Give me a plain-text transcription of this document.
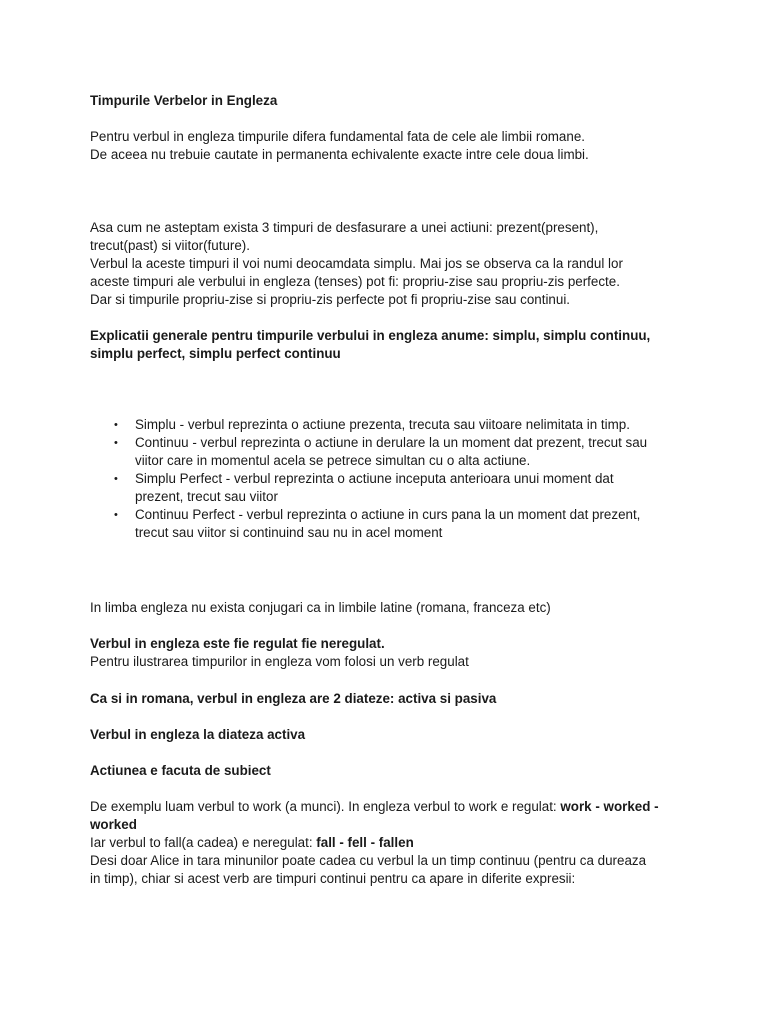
Timpurile Verbelor in Engleza
Pentru verbul in engleza timpurile difera fundamental fata de cele ale limbii romane.
De aceea nu trebuie cautate in permanenta echivalente exacte intre cele doua limbi.
Asa cum ne asteptam exista 3 timpuri de desfasurare a unei actiuni: prezent(present),
trecut(past) si viitor(future).
Verbul la aceste timpuri il voi numi deocamdata simplu. Mai jos se observa ca la randul lor
aceste timpuri ale verbului in engleza (tenses) pot fi: propriu-zise sau propriu-zis perfecte.
Dar si timpurile propriu-zise si propriu-zis perfecte pot fi propriu-zise sau continui.
Explicatii generale pentru timpurile verbului in engleza anume: simplu, simplu continuu,
simplu perfect, simplu perfect continuu
• Simplu - verbul reprezinta o actiune prezenta, trecuta sau viitoare nelimitata in timp.
• Continuu - verbul reprezinta o actiune in derulare la un moment dat prezent, trecut sau
viitor care in momentul acela se petrece simultan cu o alta actiune.
• Simplu Perfect - verbul reprezinta o actiune inceputa anterioara unui moment dat
prezent, trecut sau viitor
• Continuu Perfect - verbul reprezinta o actiune in curs pana la un moment dat prezent,
trecut sau viitor si continuind sau nu in acel moment
In limba engleza nu exista conjugari ca in limbile latine (romana, franceza etc)
Verbul in engleza este fie regulat fie neregulat.
Pentru ilustrarea timpurilor in engleza vom folosi un verb regulat
Ca si in romana, verbul in engleza are 2 diateze: activa si pasiva
Verbul in engleza la diateza activa
Actiunea e facuta de subiect
De exemplu luam verbul to work (a munci). In engleza verbul to work e regulat: work - worked -
worked
Iar verbul to fall(a cadea) e neregulat: fall - fell - fallen
Desi doar Alice in tara minunilor poate cadea cu verbul la un timp continuu (pentru ca dureaza
in timp), chiar si acest verb are timpuri continui pentru ca apare in diferite expresii:
